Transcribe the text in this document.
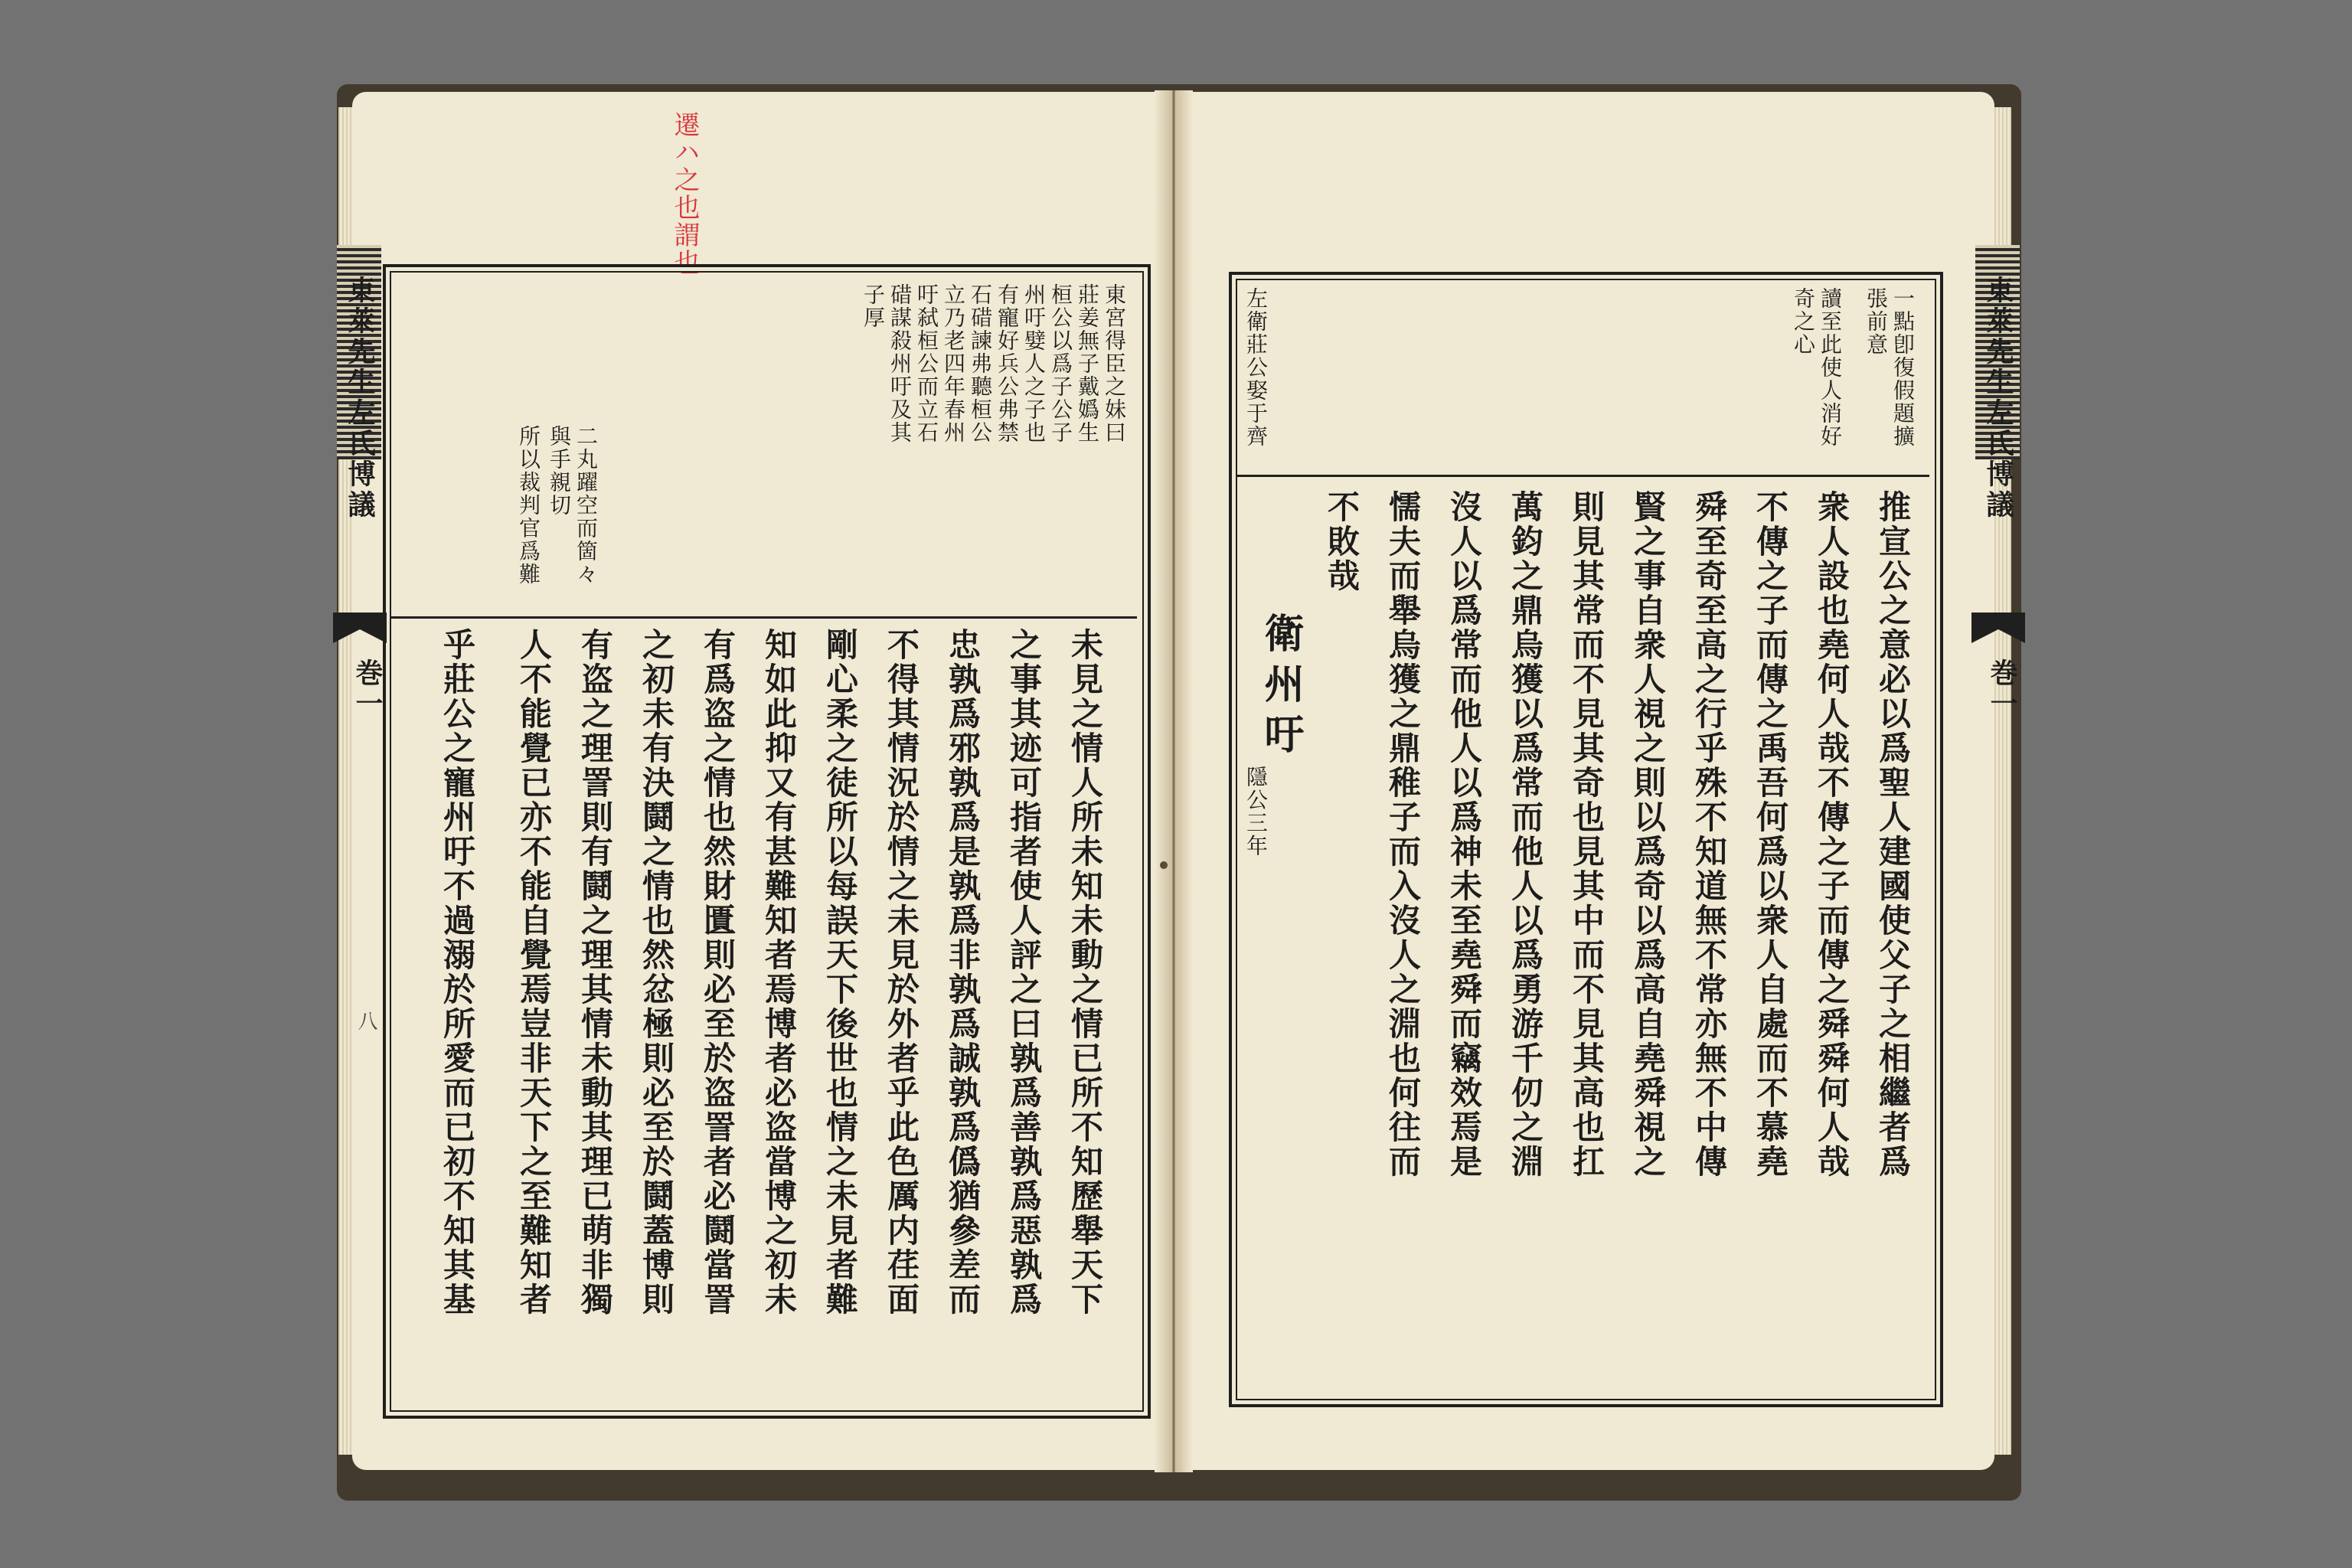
遷ハ之也謂也
東萊先生左氏博議
巻一
八
東宮得臣之妹曰
莊姜無子戴嬀生
桓公以爲子公子
州吁嬖人之子也
有寵好兵公弗禁
石碏諫弗聽桓公
立乃老四年春州
吁弑桓公而立石
碏謀殺州吁及其
子厚
二丸躍空而箇々
與手親切
所以裁判官爲難
未見之情人所未知未動之情已所不知歷舉天下
之事其迹可指者使人評之曰孰爲善孰爲惡孰爲
忠孰爲邪孰爲是孰爲非孰爲誠孰爲僞猶參差而
不得其情況於情之未見於外者乎此色厲内荏面
剛心柔之徒所以每誤天下後世也情之未見者難
知如此抑又有甚難知者焉博者必盗當博之初未
有爲盗之情也然財匱則必至於盗詈者必鬪當詈
之初未有決鬪之情也然忿極則必至於鬪蓋博則
有盗之理詈則有鬪之理其情未動其理已萌非獨
人不能覺已亦不能自覺焉豈非天下之至難知者
乎莊公之寵州吁不過溺於所愛而已初不知其基
東萊先生左氏博議
巻一
一點卽復假題擴
張前意
讀至此使人消好
奇之心
左衛莊公娶于齊
推宣公之意必以爲聖人建國使父子之相繼者爲
衆人設也堯何人哉不傳之子而傳之舜舜何人哉
不傳之子而傳之禹吾何爲以衆人自處而不慕堯
舜至奇至高之行乎殊不知道無不常亦無不中傳
賢之事自衆人視之則以爲奇以爲高自堯舜視之
則見其常而不見其奇也見其中而不見其高也扛
萬鈞之鼎烏獲以爲常而他人以爲勇游千仞之淵
沒人以爲常而他人以爲神未至堯舜而竊效焉是
懦夫而舉烏獲之鼎稚子而入沒人之淵也何往而
不敗哉
衛州吁
隱公三年
